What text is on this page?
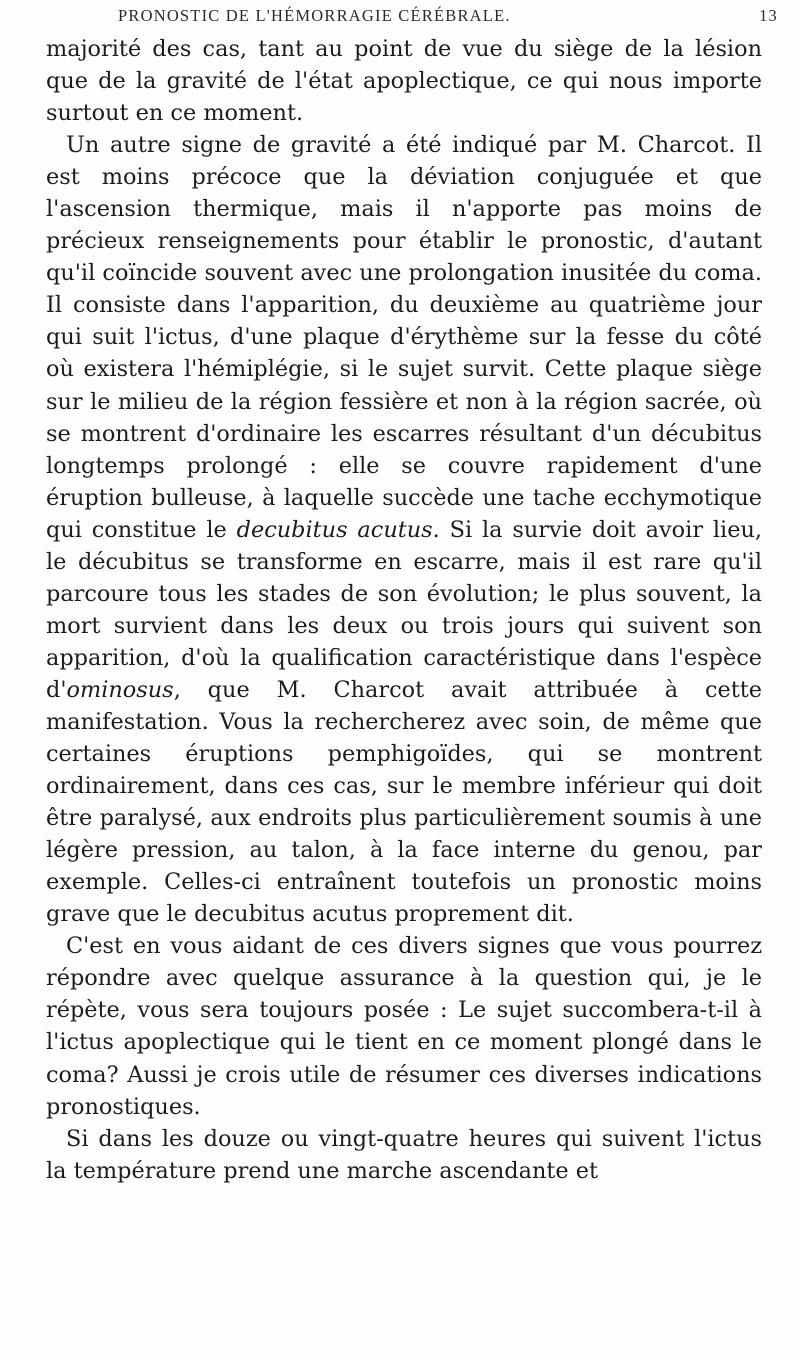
PRONOSTIC DE L'HÉMORRAGIE CÉRÉBRALE.	13

majorité des cas, tant au point de vue du siège de la lésion que de la gravité de l'état apoplectique, ce qui nous importe surtout en ce moment.

Un autre signe de gravité a été indiqué par M. Charcot. Il est moins précoce que la déviation conjuguée et que l'ascension thermique, mais il n'apporte pas moins de précieux renseignements pour établir le pronostic, d'autant qu'il coïncide souvent avec une prolongation inusitée du coma. Il consiste dans l'apparition, du deuxième au quatrième jour qui suit l'ictus, d'une plaque d'érythème sur la fesse du côté où existera l'hémiplégie, si le sujet survit. Cette plaque siège sur le milieu de la région fessière et non à la région sacrée, où se montrent d'ordinaire les escarres résultant d'un décubitus longtemps prolongé : elle se couvre rapidement d'une éruption bulleuse, à laquelle succède une tache ecchymotique qui constitue le decubitus acutus. Si la survie doit avoir lieu, le décubitus se transforme en escarre, mais il est rare qu'il parcoure tous les stades de son évolution; le plus souvent, la mort survient dans les deux ou trois jours qui suivent son apparition, d'où la qualification caractéristique dans l'espèce d'ominosus, que M. Charcot avait attribuée à cette manifestation. Vous la rechercherez avec soin, de même que certaines éruptions pemphigoïdes, qui se montrent ordinairement, dans ces cas, sur le membre inférieur qui doit être paralysé, aux endroits plus particulièrement soumis à une légère pression, au talon, à la face interne du genou, par exemple. Celles-ci entraînent toutefois un pronostic moins grave que le decubitus acutus proprement dit.

C'est en vous aidant de ces divers signes que vous pourrez répondre avec quelque assurance à la question qui, je le répète, vous sera toujours posée : Le sujet succombera-t-il à l'ictus apoplectique qui le tient en ce moment plongé dans le coma? Aussi je crois utile de résumer ces diverses indications pronostiques.

Si dans les douze ou vingt-quatre heures qui suivent l'ictus la température prend une marche ascendante et
